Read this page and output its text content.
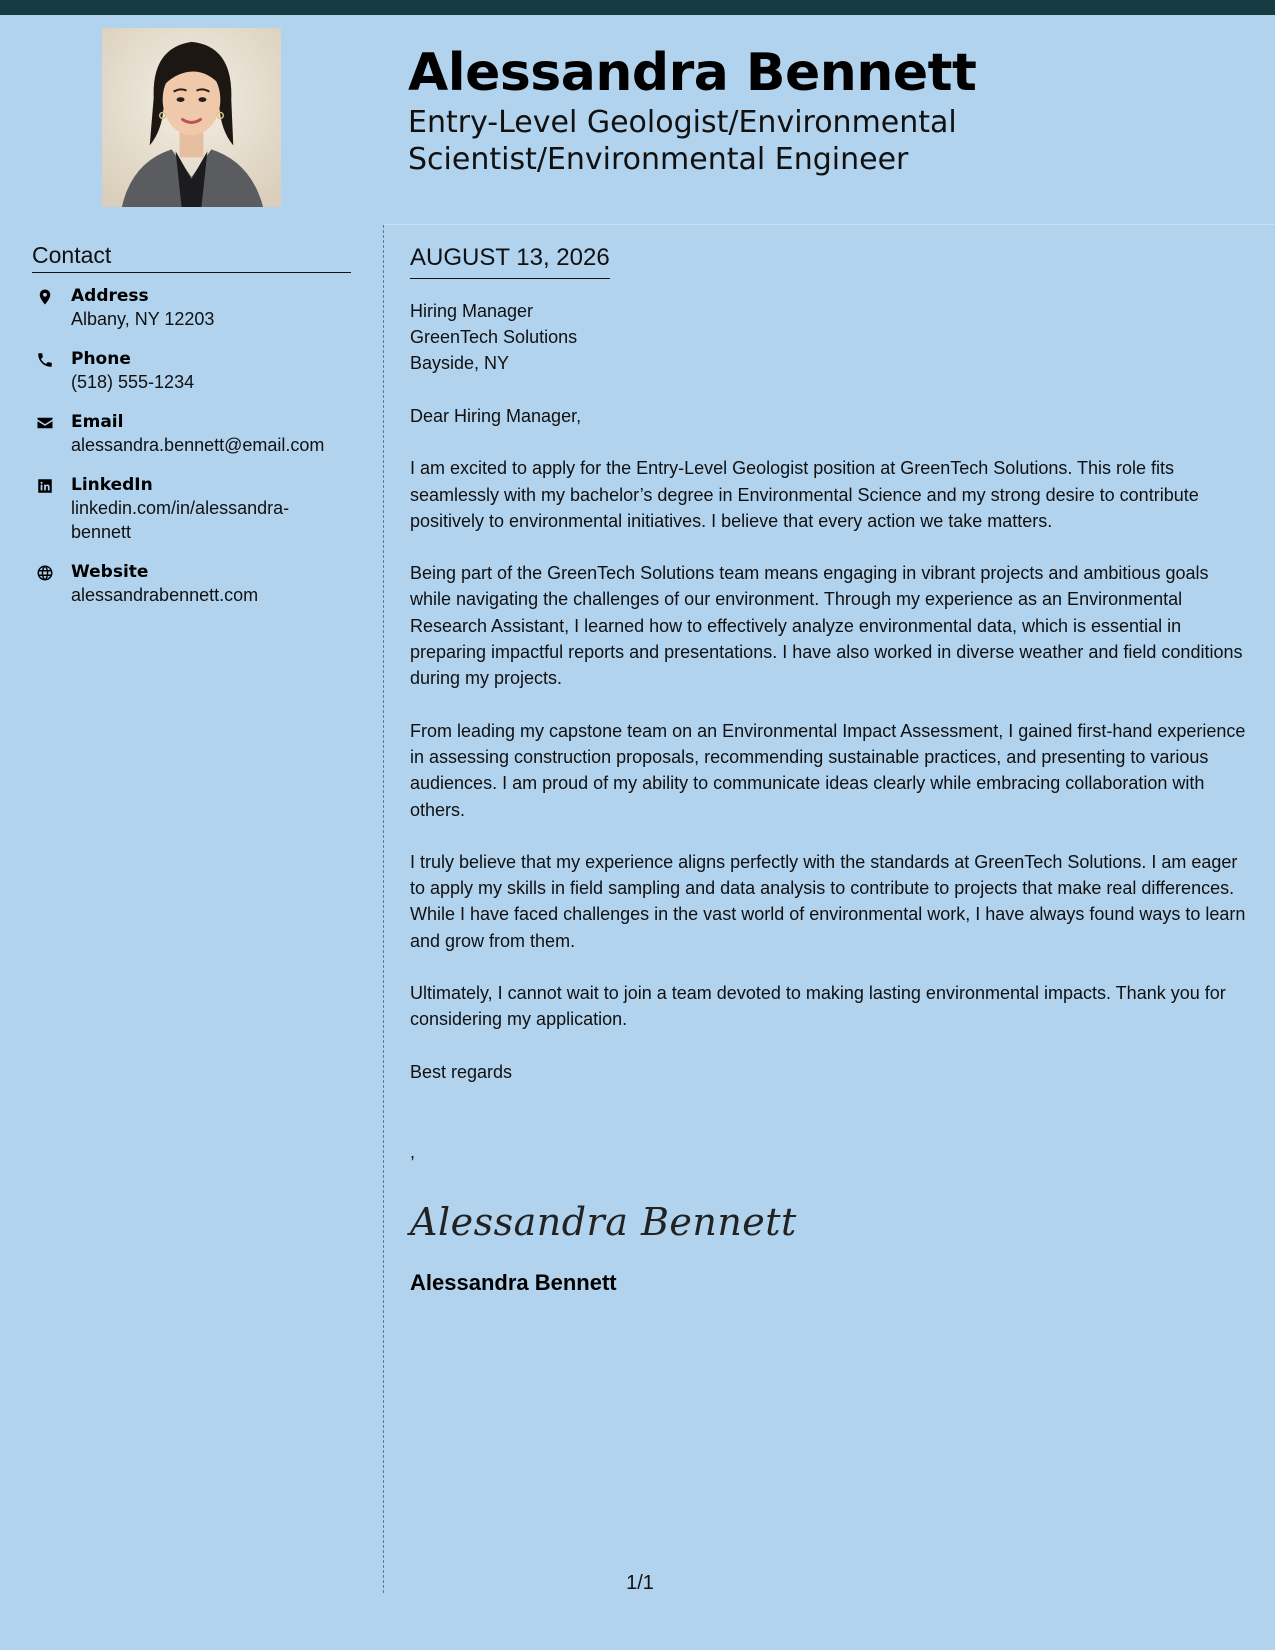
Alessandra Bennett
Entry-Level Geologist/Environmental Scientist/Environmental Engineer
Contact
Address
Albany, NY 12203
Phone
(518) 555-1234
Email
alessandra.bennett@email.com
LinkedIn
linkedin.com/in/alessandra-bennett
Website
alessandrabennett.com
AUGUST 13, 2026
Hiring Manager
GreenTech Solutions
Bayside, NY

Dear Hiring Manager,

I am excited to apply for the Entry-Level Geologist position at GreenTech Solutions. This role fits seamlessly with my bachelor’s degree in Environmental Science and my strong desire to contribute positively to environmental initiatives. I believe that every action we take matters.

Being part of the GreenTech Solutions team means engaging in vibrant projects and ambitious goals while navigating the challenges of our environment. Through my experience as an Environmental Research Assistant, I learned how to effectively analyze environmental data, which is essential in preparing impactful reports and presentations. I have also worked in diverse weather and field conditions during my projects.

From leading my capstone team on an Environmental Impact Assessment, I gained first-hand experience in assessing construction proposals, recommending sustainable practices, and presenting to various audiences. I am proud of my ability to communicate ideas clearly while embracing collaboration with others.

I truly believe that my experience aligns perfectly with the standards at GreenTech Solutions. I am eager to apply my skills in field sampling and data analysis to contribute to projects that make real differences. While I have faced challenges in the vast world of environmental work, I have always found ways to learn and grow from them.

Ultimately, I cannot wait to join a team devoted to making lasting environmental impacts. Thank you for considering my application.

Best regards

,
Alessandra Bennett
Alessandra Bennett
1/1
